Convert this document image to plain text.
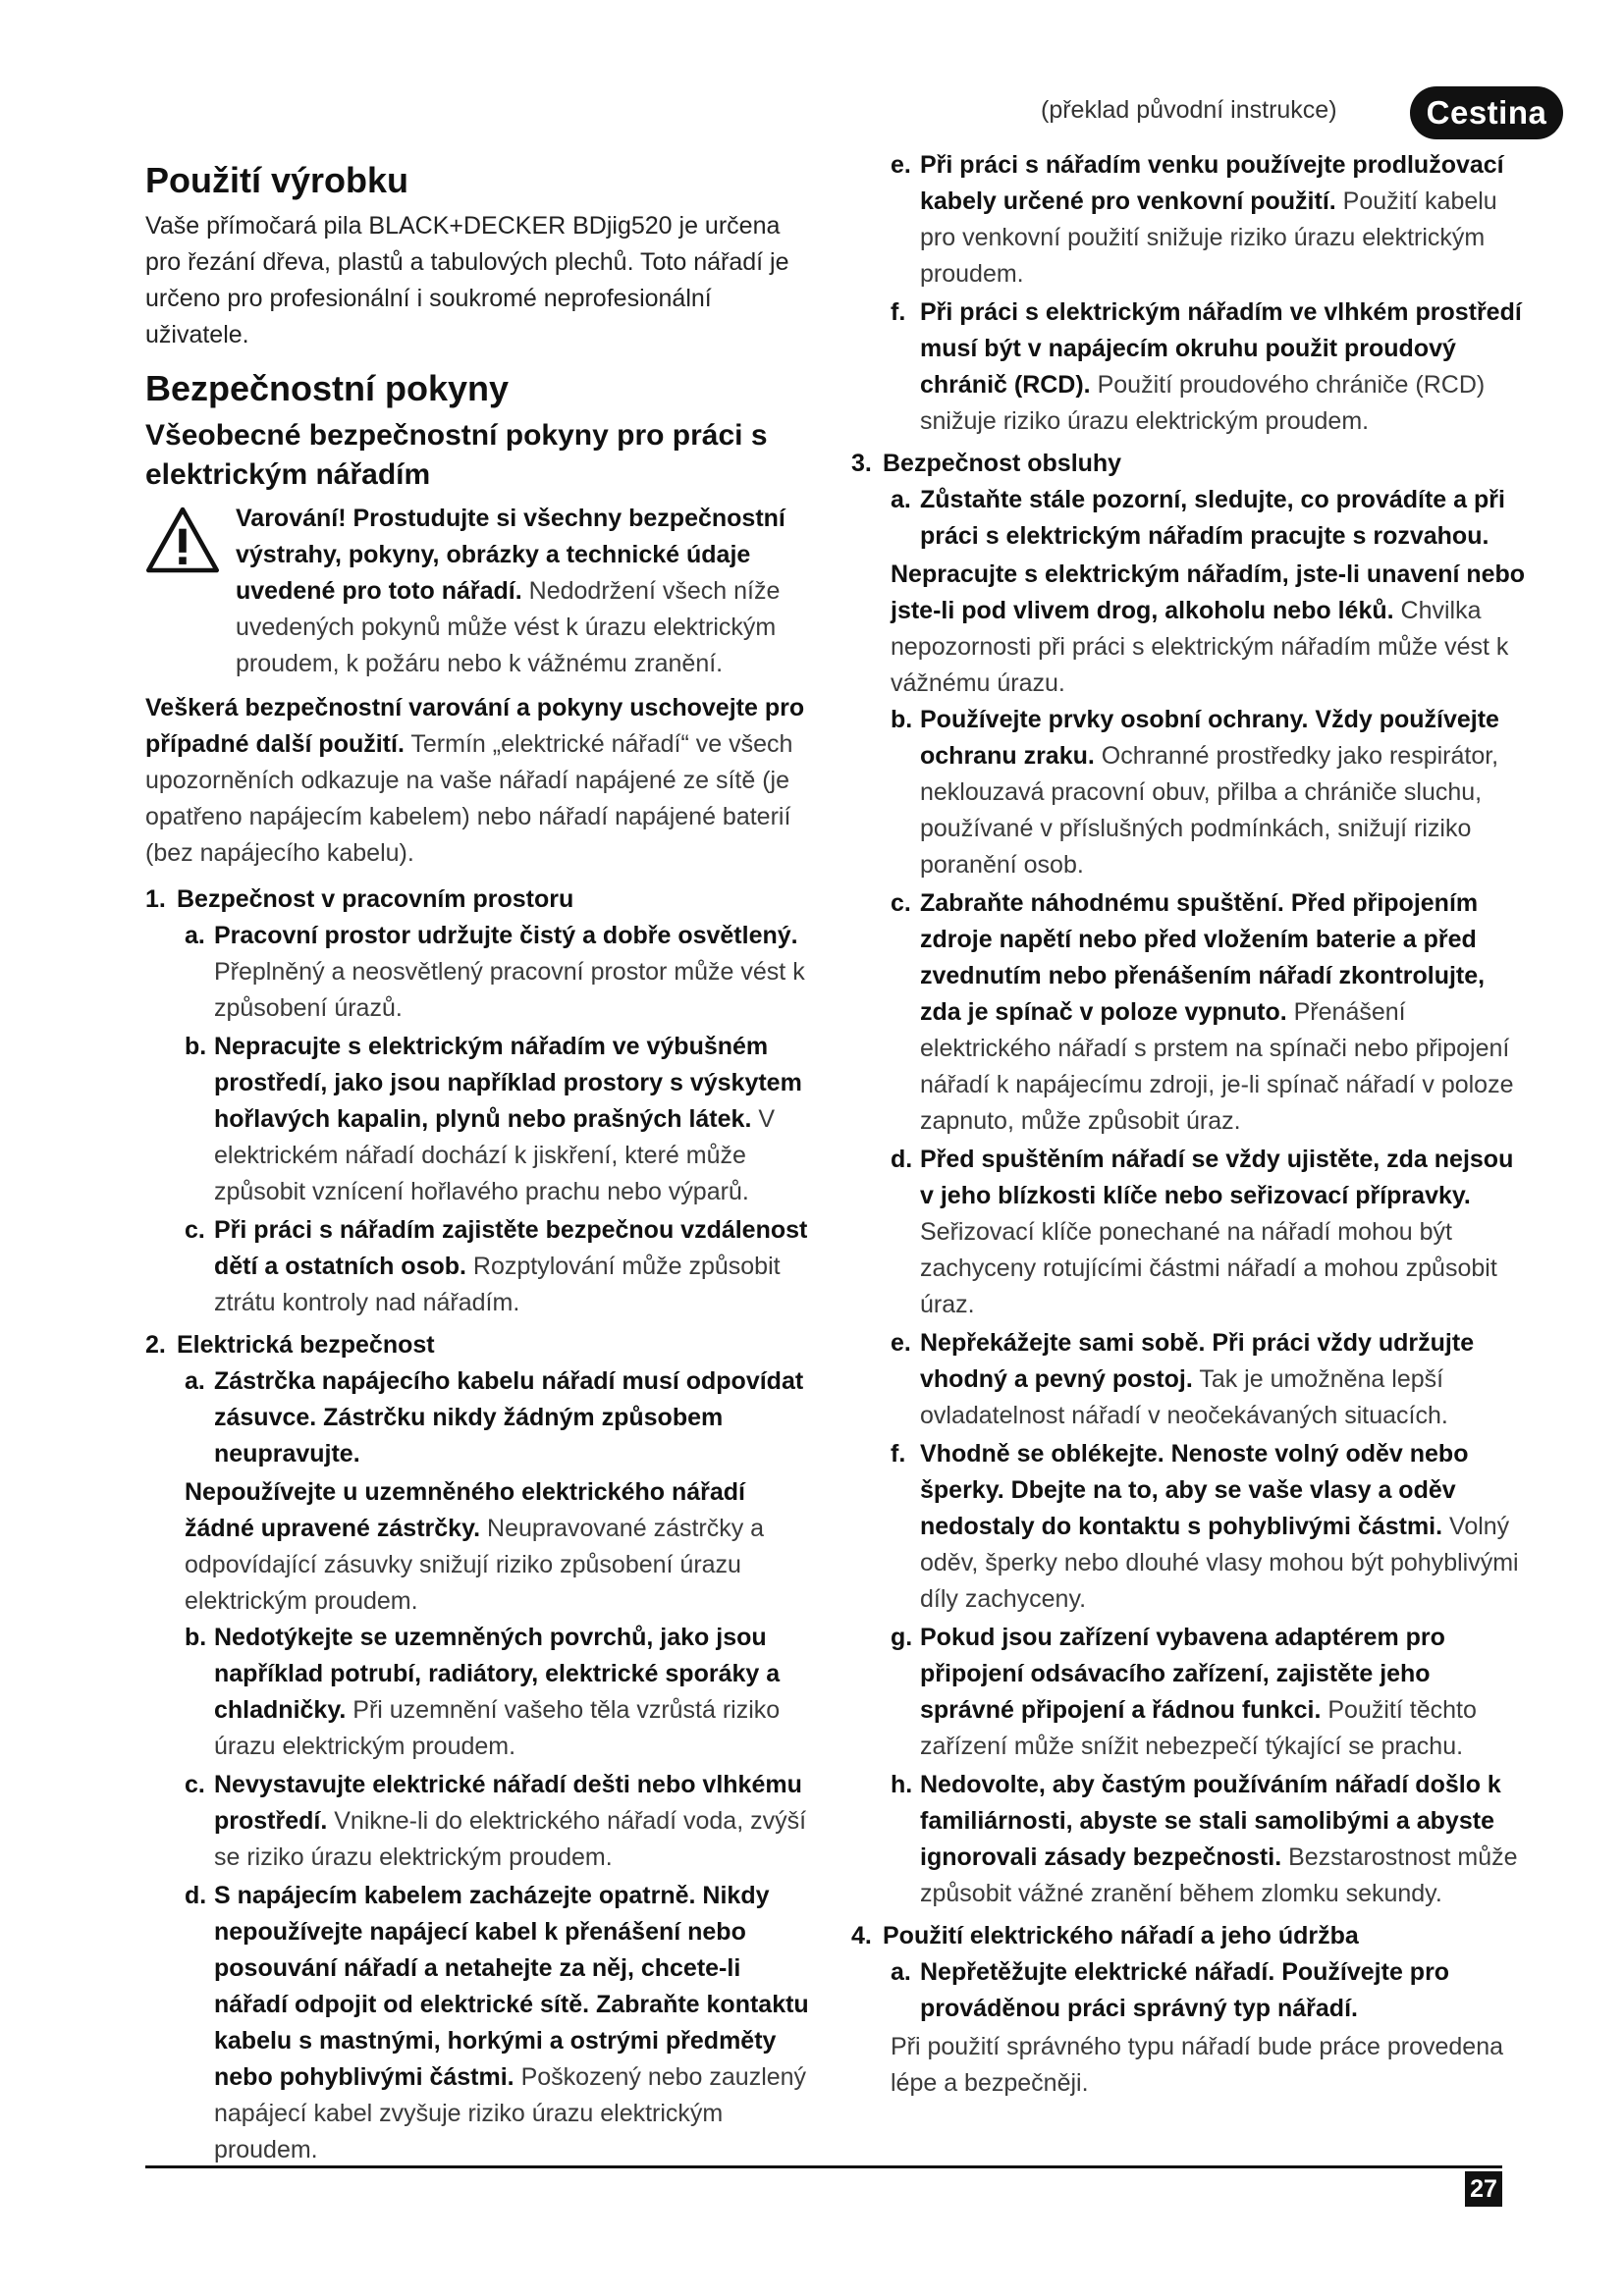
(překlad původní instrukce)	Cestina
Použití výrobku

Vaše přímočará pila BLACK+DECKER BDjig520 je určena pro řezání dřeva, plastů a tabulových plechů. Toto nářadí je určeno pro profesionální i soukromé neprofesionální uživatele.

Bezpečnostní pokyny
Všeobecné bezpečnostní pokyny pro práci s elektrickým nářadím

Varování! Prostudujte si všechny bezpečnostní výstrahy, pokyny, obrázky a technické údaje uvedené pro toto nářadí. Nedodržení všech níže uvedených pokynů může vést k úrazu elektrickým proudem, k požáru nebo k vážnému zranění.

Veškerá bezpečnostní varování a pokyny uschovejte pro případné další použití. Termín „elektrické nářadí“ ve všech upozorněních odkazuje na vaše nářadí napájené ze sítě (je opatřeno napájecím kabelem) nebo nářadí napájené baterií (bez napájecího kabelu).

1. Bezpečnost v pracovním prostoru
a. Pracovní prostor udržujte čistý a dobře osvětlený. Přeplněný a neosvětlený pracovní prostor může vést k způsobení úrazů.

b. Nepracujte s elektrickým nářadím ve výbušném prostředí, jako jsou například prostory s výskytem hořlavých kapalin, plynů nebo prašných látek. V elektrickém nářadí dochází k jiskření, které může způsobit vznícení hořlavého prachu nebo výparů.

c. Při práci s nářadím zajistěte bezpečnou vzdálenost dětí a ostatních osob. Rozptylování může způsobit ztrátu kontroly nad nářadím.

2. Elektrická bezpečnost
a. Zástrčka napájecího kabelu nářadí musí odpovídat zásuvce. Zástrčku nikdy žádným způsobem neupravujte.

Nepoužívejte u uzemněného elektrického nářadí žádné upravené zástrčky. Neupravované zástrčky a odpovídající zásuvky snižují riziko způsobení úrazu elektrickým proudem.

b. Nedotýkejte se uzemněných povrchů, jako jsou například potrubí, radiátory, elektrické sporáky a chladničky. Při uzemnění vašeho těla vzrůstá riziko úrazu elektrickým proudem.

c. Nevystavujte elektrické nářadí dešti nebo vlhkému prostředí. Vnikne-li do elektrického nářadí voda, zvýší se riziko úrazu elektrickým proudem.

d. S napájecím kabelem zacházejte opatrně. Nikdy nepoužívejte napájecí kabel k přenášení nebo posouvání nářadí a netahejte za něj, chcete-li nářadí odpojit od elektrické sítě. Zabraňte kontaktu kabelu s mastnými, horkými a ostrými předměty nebo pohyblivými částmi. Poškozený nebo zauzlený napájecí kabel zvyšuje riziko úrazu elektrickým proudem.

e. Při práci s nářadím venku používejte prodlužovací kabely určené pro venkovní použití. Použití kabelu pro venkovní použití snižuje riziko úrazu elektrickým proudem.

f. Při práci s elektrickým nářadím ve vlhkém prostředí musí být v napájecím okruhu použit proudový chránič (RCD). Použití proudového chrániče (RCD) snižuje riziko úrazu elektrickým proudem.

3. Bezpečnost obsluhy
a. Zůstaňte stále pozorní, sledujte, co provádíte a při práci s elektrickým nářadím pracujte s rozvahou.

Nepracujte s elektrickým nářadím, jste-li unavení nebo jste-li pod vlivem drog, alkoholu nebo léků. Chvilka nepozornosti při práci s elektrickým nářadím může vést k vážnému úrazu.

b. Používejte prvky osobní ochrany. Vždy používejte ochranu zraku. Ochranné prostředky jako respirátor, neklouzavá pracovní obuv, přilba a chrániče sluchu, používané v příslušných podmínkách, snižují riziko poranění osob.

c. Zabraňte náhodnému spuštění. Před připojením zdroje napětí nebo před vložením baterie a před zvednutím nebo přenášením nářadí zkontrolujte, zda je spínač v poloze vypnuto. Přenášení elektrického nářadí s prstem na spínači nebo připojení nářadí k napájecímu zdroji, je-li spínač nářadí v poloze zapnuto, může způsobit úraz.

d. Před spuštěním nářadí se vždy ujistěte, zda nejsou v jeho blízkosti klíče nebo seřizovací přípravky. Seřizovací klíče ponechané na nářadí mohou být zachyceny rotujícími částmi nářadí a mohou způsobit úraz.

e. Nepřekážejte sami sobě. Při práci vždy udržujte vhodný a pevný postoj. Tak je umožněna lepší ovladatelnost nářadí v neočekávaných situacích.

f. Vhodně se oblékejte. Nenoste volný oděv nebo šperky. Dbejte na to, aby se vaše vlasy a oděv nedostaly do kontaktu s pohyblivými částmi. Volný oděv, šperky nebo dlouhé vlasy mohou být pohyblivými díly zachyceny.

g. Pokud jsou zařízení vybavena adaptérem pro připojení odsávacího zařízení, zajistěte jeho správné připojení a řádnou funkci. Použití těchto zařízení může snížit nebezpečí týkající se prachu.

h. Nedovolte, aby častým používáním nářadí došlo k familiárnosti, abyste se stali samolibými a abyste ignorovali zásady bezpečnosti. Bezstarostnost může způsobit vážné zranění během zlomku sekundy.

4. Použití elektrického nářadí a jeho údržba
a. Nepřetěžujte elektrické nářadí. Používejte pro prováděnou práci správný typ nářadí.

Při použití správného typu nářadí bude práce provedena lépe a bezpečněji.

27
